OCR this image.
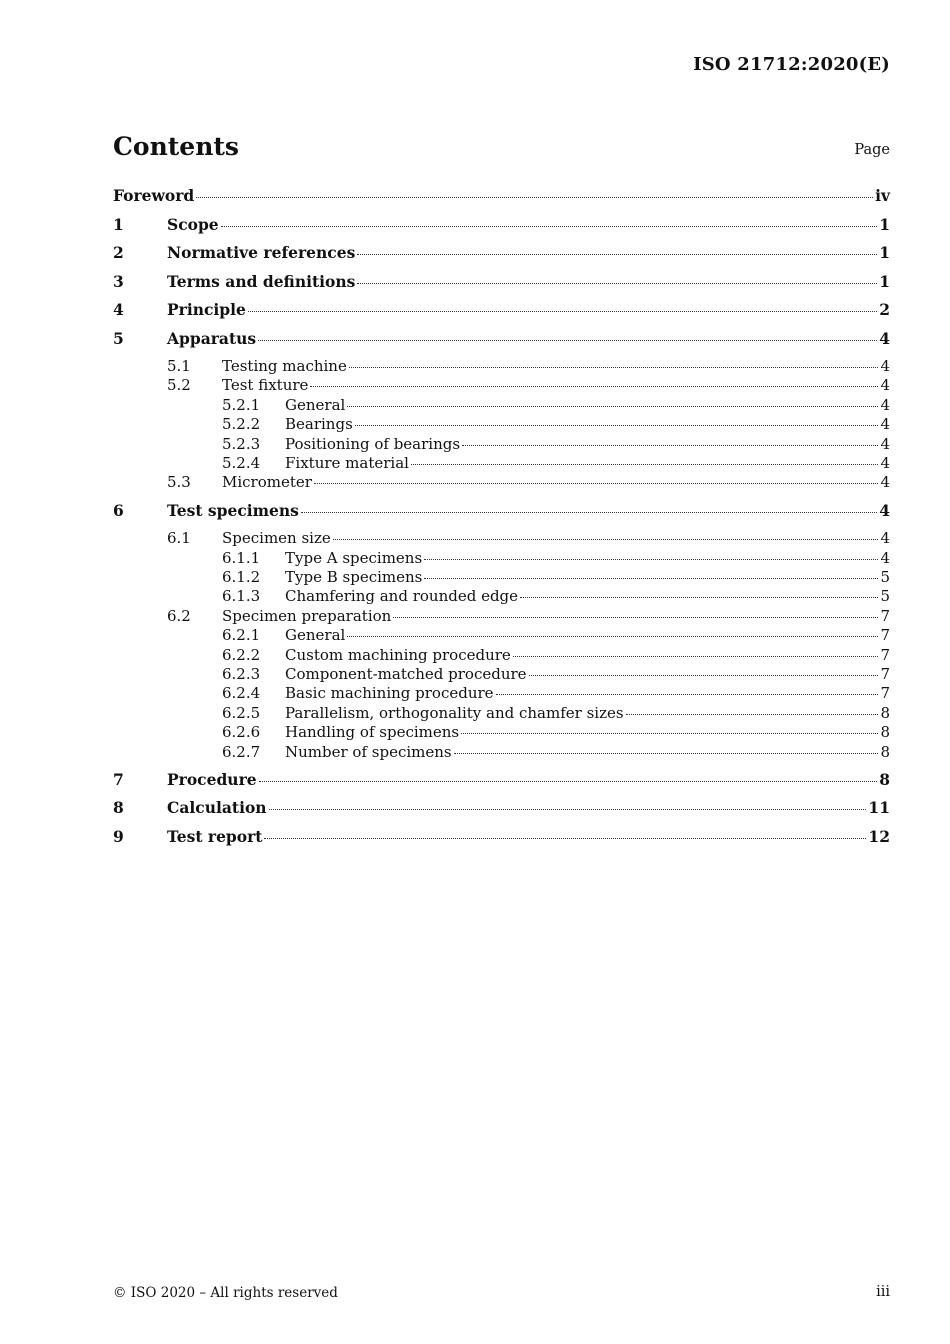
ISO 21712:2020(E)
Contents	Page
Foreword	iv
1	Scope	1
2	Normative references	1
3	Terms and definitions	1
4	Principle	2
5	Apparatus	4
5.1	Testing machine	4
5.2	Test fixture	4
5.2.1	General	4
5.2.2	Bearings	4
5.2.3	Positioning of bearings	4
5.2.4	Fixture material	4
5.3	Micrometer	4
6	Test specimens	4
6.1	Specimen size	4
6.1.1	Type A specimens	4
6.1.2	Type B specimens	5
6.1.3	Chamfering and rounded edge	5
6.2	Specimen preparation	7
6.2.1	General	7
6.2.2	Custom machining procedure	7
6.2.3	Component-matched procedure	7
6.2.4	Basic machining procedure	7
6.2.5	Parallelism, orthogonality and chamfer sizes	8
6.2.6	Handling of specimens	8
6.2.7	Number of specimens	8
7	Procedure	8
8	Calculation	11
9	Test report	12
© ISO 2020 – All rights reserved	iii
